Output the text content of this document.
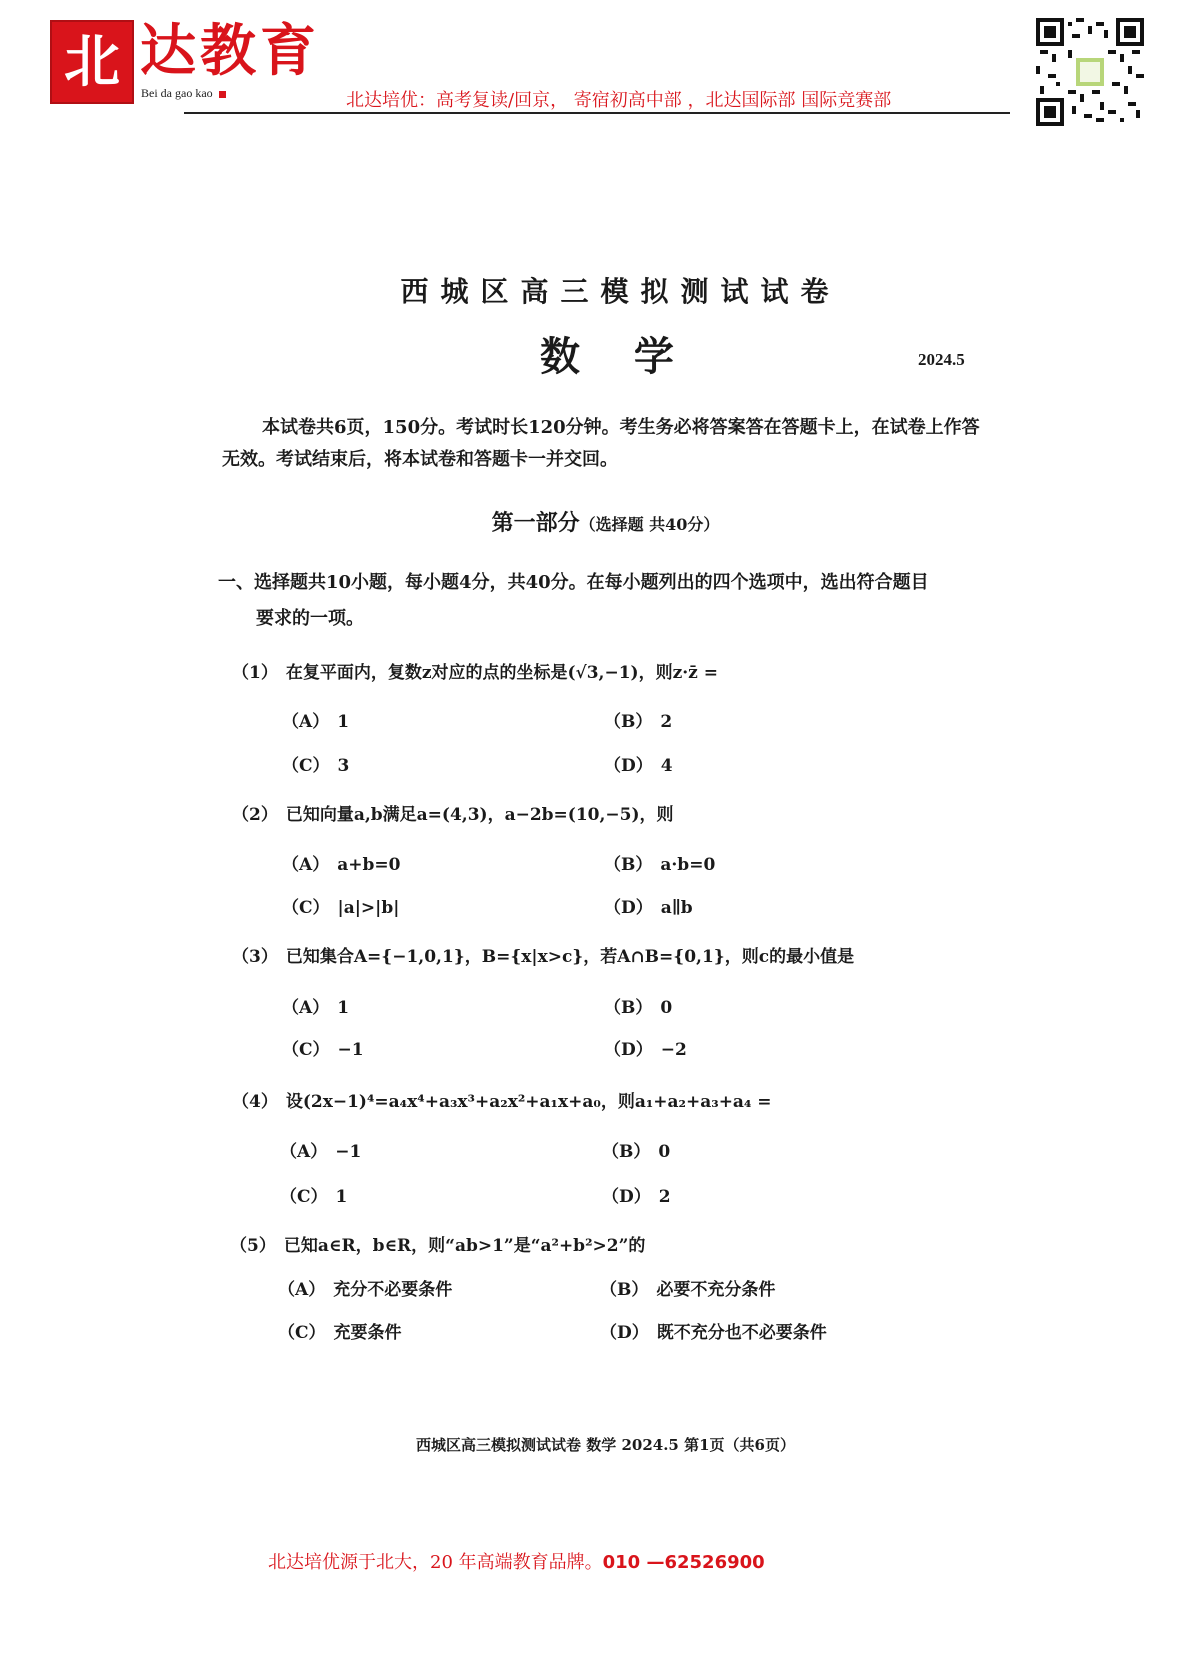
北 达教育
Bei da gao kao	北达培优：高考复读/回京， 寄宿初高中部 ，北达国际部 国际竞赛部
西城区高三模拟测试试卷
数 学	2024.5
本试卷共6页，150分。考试时长120分钟。考生务必将答案答在答题卡上，在试卷上作答无效。考试结束后，将本试卷和答题卡一并交回。
第一部分（选择题 共40分）
一、选择题共10小题，每小题4分，共40分。在每小题列出的四个选项中，选出符合题目
要求的一项。
（1） 在复平面内，复数z对应的点的坐标是(√3,−1)，则z·z̄ =
（A） 1	（B） 2
（C） 3	（D） 4
（2） 已知向量a,b满足a=(4,3)，a−2b=(10,−5)，则
（A） a+b=0	（B） a·b=0
（C） |a|>|b|	（D） a∥b
（3） 已知集合A={−1,0,1}，B={x|x>c}，若A∩B={0,1}，则c的最小值是
（A） 1	（B） 0
（C） −1	（D） −2
（4） 设(2x−1)⁴=a₄x⁴+a₃x³+a₂x²+a₁x+a₀，则a₁+a₂+a₃+a₄ =
（A） −1	（B） 0
（C） 1	（D） 2
（5） 已知a∈R，b∈R，则“ab>1”是“a²+b²>2”的
（A） 充分不必要条件	（B） 必要不充分条件
（C） 充要条件	（D） 既不充分也不必要条件
西城区高三模拟测试试卷 数学 2024.5 第1页（共6页）
北达培优源于北大，20 年高端教育品牌。010 —62526900
